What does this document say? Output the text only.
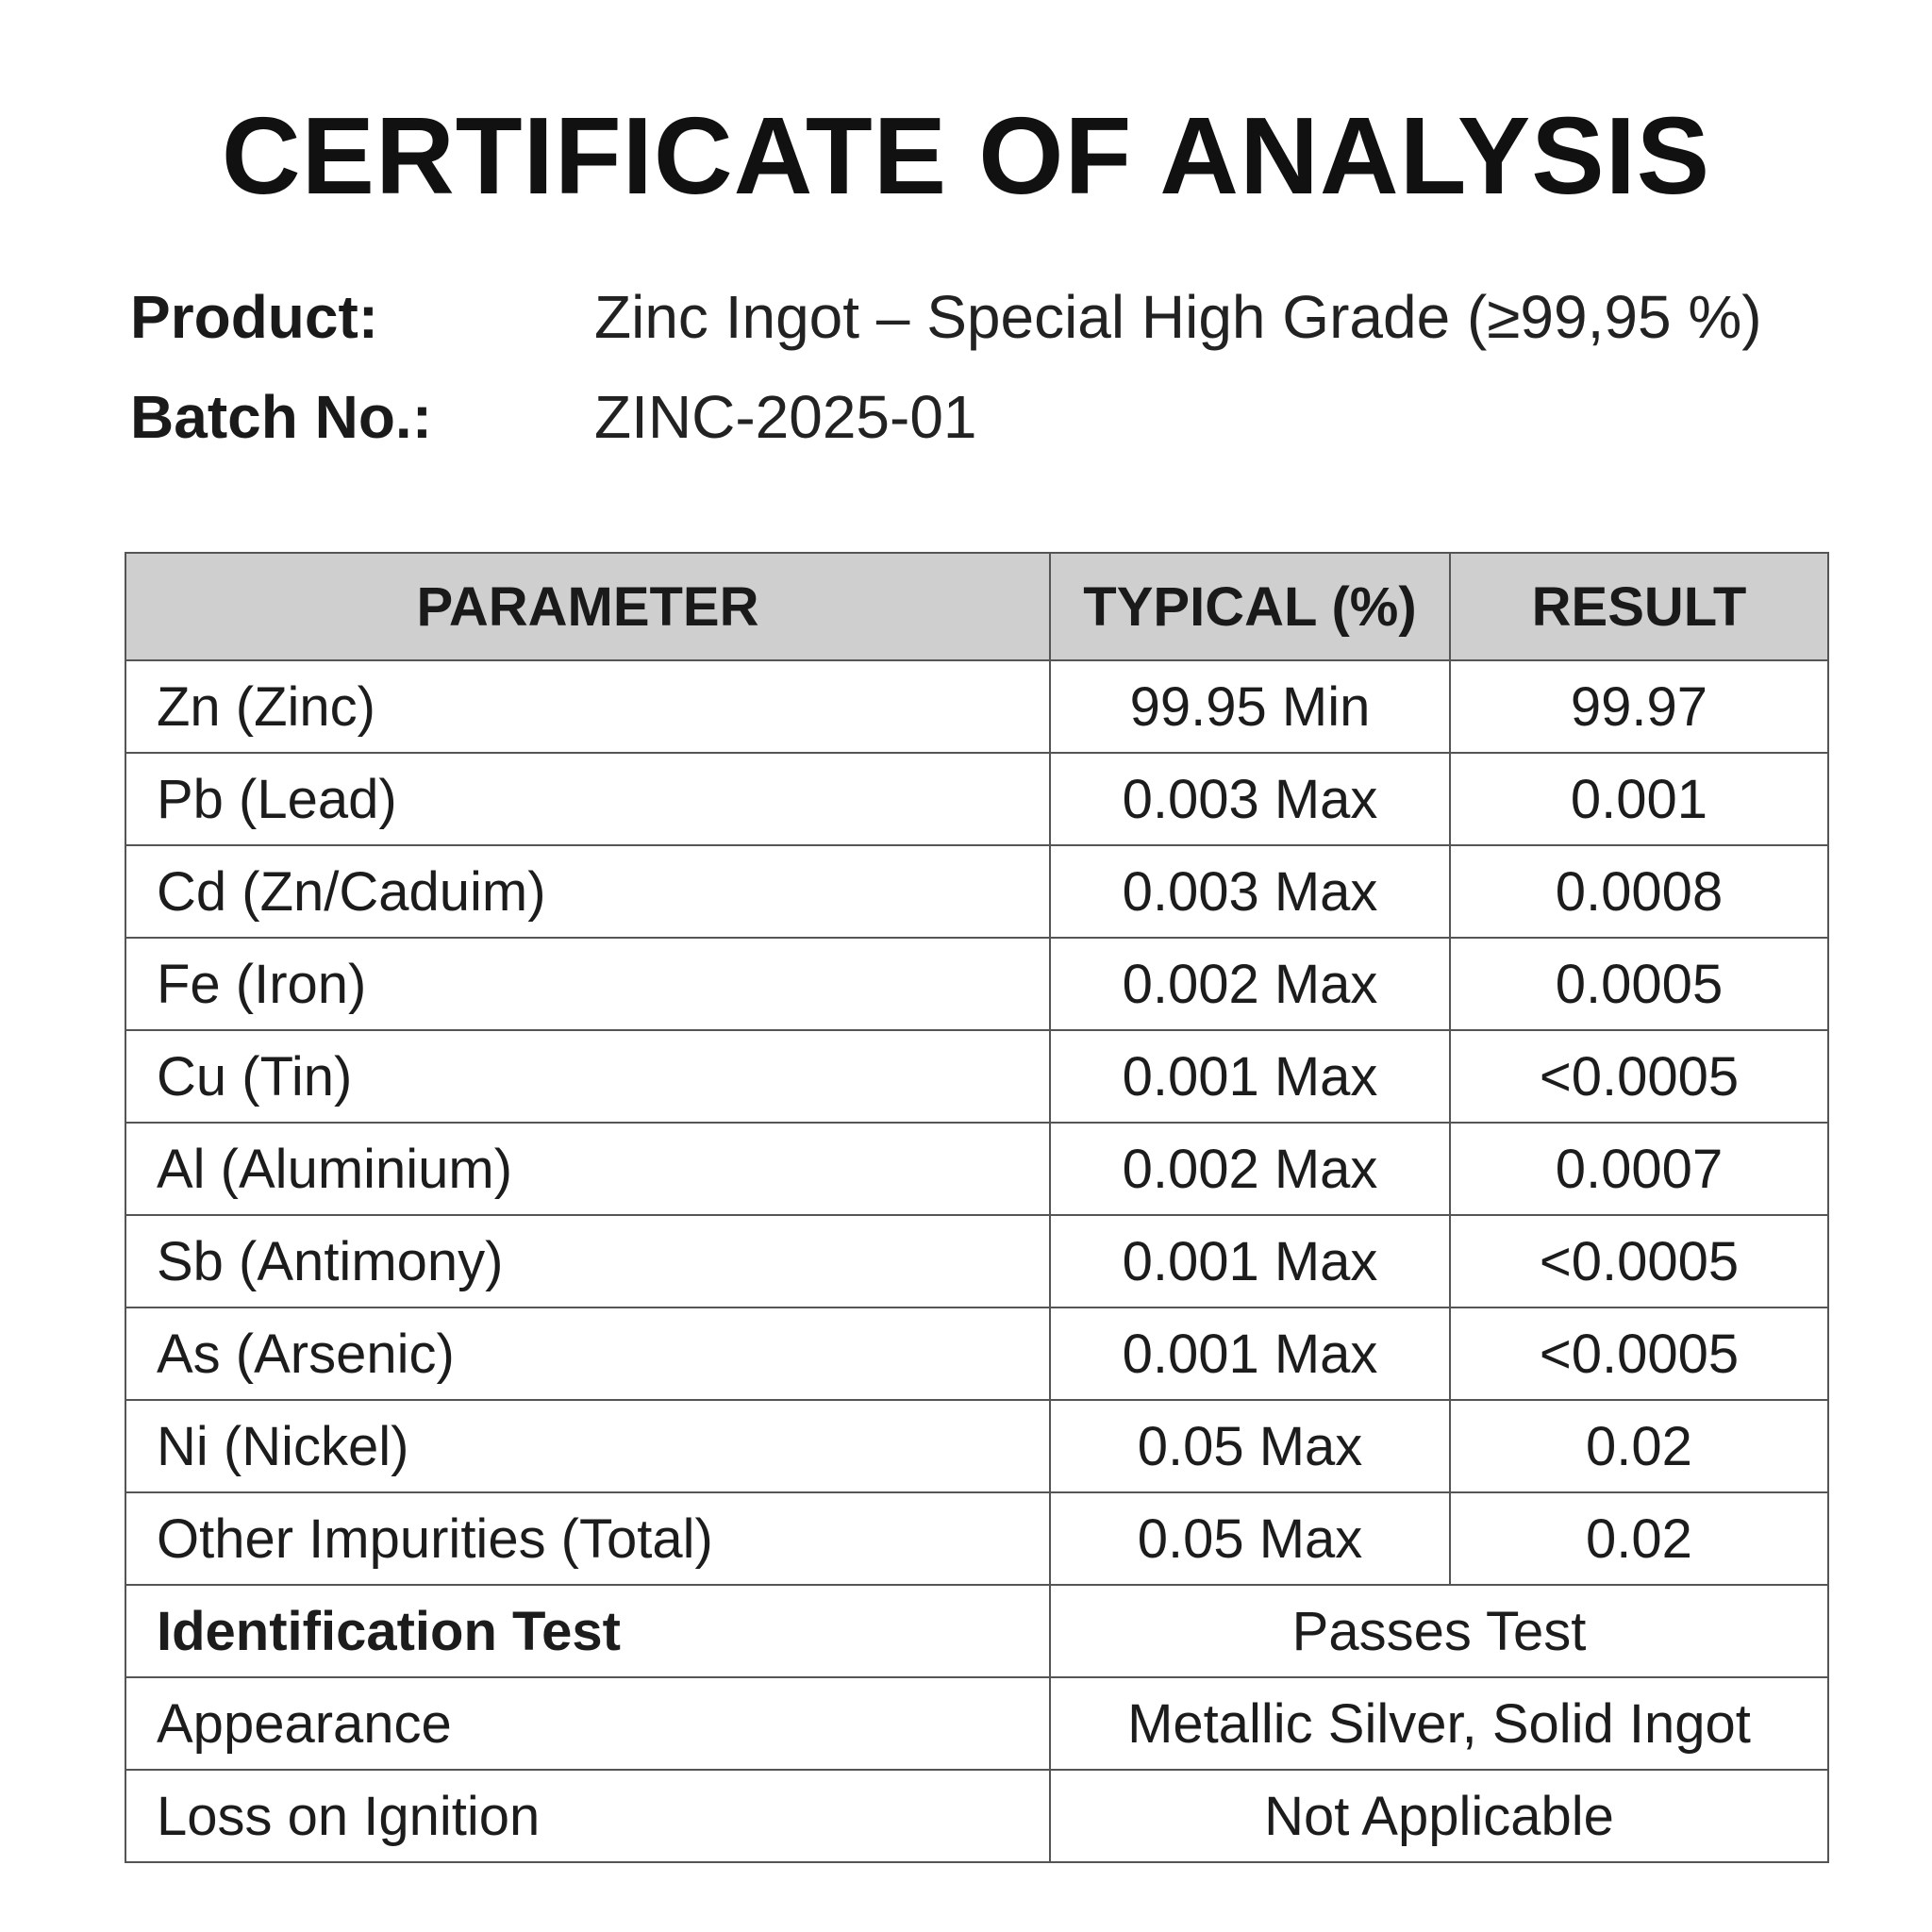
CERTIFICATE OF ANALYSIS
Product:	Zinc Ingot – Special High Grade (≥99,95 %)
Batch No.:	ZINC-2025-01
PARAMETER	TYPICAL (%)	RESULT
Zn (Zinc)	99.95 Min	99.97
Pb (Lead)	0.003 Max	0.001
Cd (Zn/Caduim)	0.003 Max	0.0008
Fe (Iron)	0.002 Max	0.0005
Cu (Tin)	0.001 Max	<0.0005
Al (Aluminium)	0.002 Max	0.0007
Sb (Antimony)	0.001 Max	<0.0005
As (Arsenic)	0.001 Max	<0.0005
Ni (Nickel)	0.05 Max	0.02
Other Impurities (Total)	0.05 Max	0.02
Identification Test	Passes Test	
Appearance	Metallic Silver, Solid Ingot	
Loss on Ignition	Not Applicable	
